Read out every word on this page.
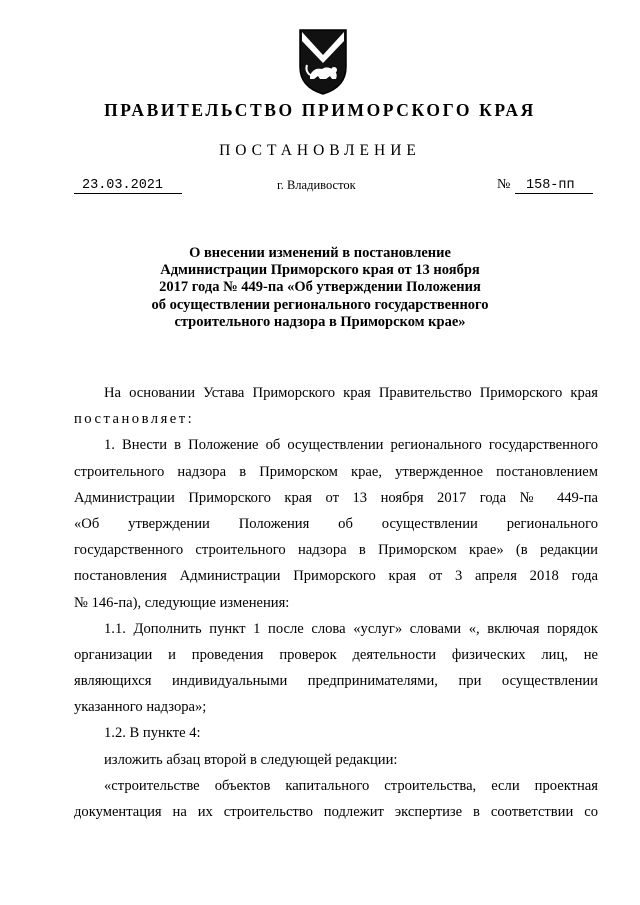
ПРАВИТЕЛЬСТВО ПРИМОРСКОГО КРАЯ
ПОСТАНОВЛЕНИЕ
23.03.2021	г. Владивосток	№	158-пп
О внесении изменений в постановление
Администрации Приморского края от 13 ноября
2017 года № 449-па «Об утверждении Положения
об осуществлении регионального государственного
строительного надзора в Приморском крае»
На основании Устава Приморского края Правительство Приморского края
постановляет:
1. Внести в Положение об осуществлении регионального государственного
строительного надзора в Приморском крае, утвержденное постановлением
Администрации Приморского края от 13 ноября 2017 года № 449-па
«Об утверждении Положения об осуществлении регионального
государственного строительного надзора в Приморском крае» (в редакции
постановления Администрации Приморского края от 3 апреля 2018 года
№ 146-па), следующие изменения:
1.1. Дополнить пункт 1 после слова «услуг» словами «, включая порядок
организации и проведения проверок деятельности физических лиц, не
являющихся индивидуальными предпринимателями, при осуществлении
указанного надзора»;
1.2. В пункте 4:
изложить абзац второй в следующей редакции:
«строительстве объектов капитального строительства, если проектная
документация на их строительство подлежит экспертизе в соответствии со
